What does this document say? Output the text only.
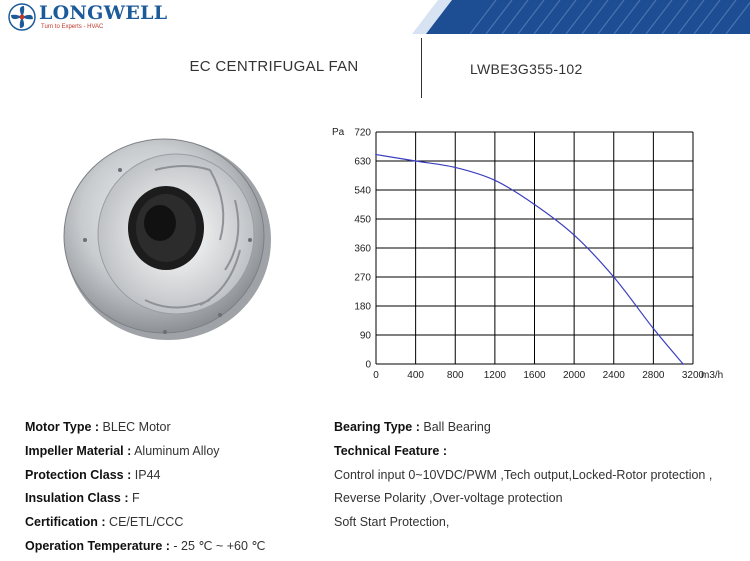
LONGWELL
Turn to Experts - HVAC
EC CENTRIFUGAL FAN	LWBE3G355-102
720
630
540
450
360
270
180
90
0
0	400 800 1200 1600 2000 2400 2800 3200
Pa
m3/h
Motor Type : BLEC Motor
Impeller Material : Aluminum Alloy
Protection Class : IP44
Insulation Class : F
Certification : CE/ETL/CCC
Operation Temperature : - 25 ℃ ~ +60 ℃
Bearing Type : Ball Bearing
Technical Feature :
Control input 0~10VDC/PWM ,Tech output,Locked-Rotor protection ,
Reverse Polarity ,Over-voltage protection
Soft Start Protection,
